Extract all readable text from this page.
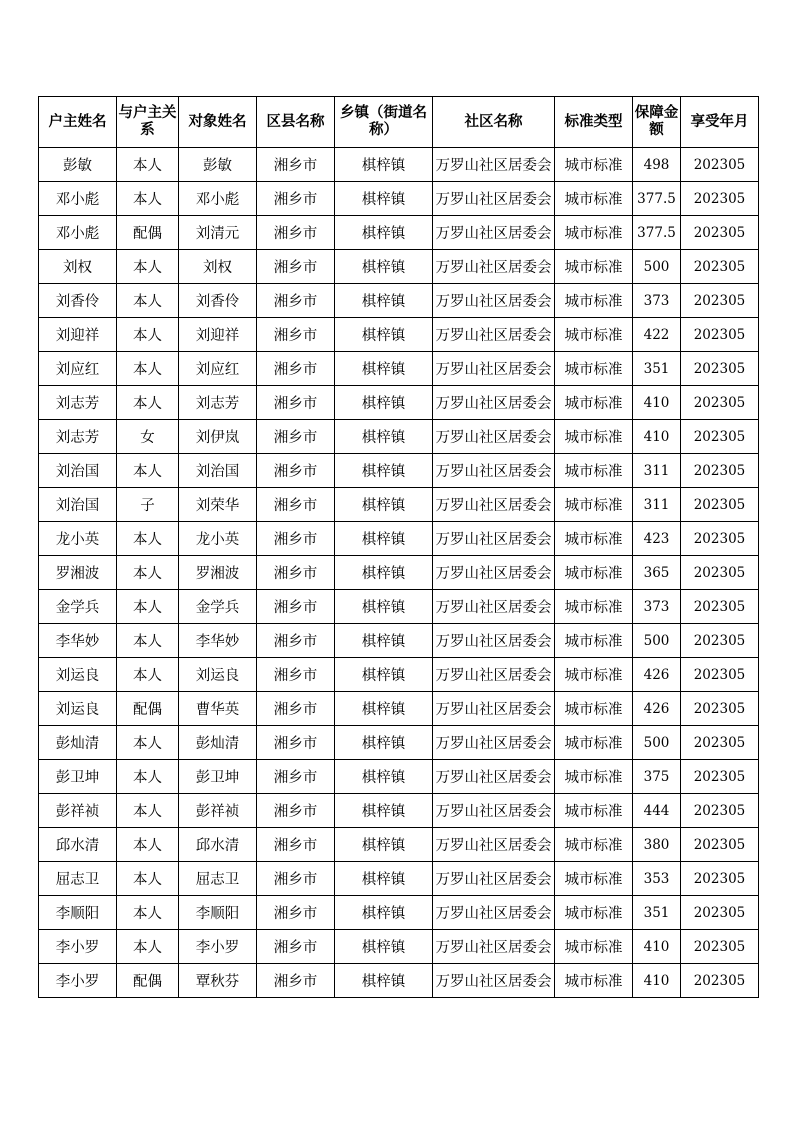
户主姓名	与户主关系	对象姓名	区县名称	乡镇（街道名称）	社区名称	标准类型	保障金额	享受年月
彭敏	本人	彭敏	湘乡市	棋梓镇	万罗山社区居委会	城市标准	498	202305
邓小彪	本人	邓小彪	湘乡市	棋梓镇	万罗山社区居委会	城市标准	377.5	202305
邓小彪	配偶	刘清元	湘乡市	棋梓镇	万罗山社区居委会	城市标准	377.5	202305
刘权	本人	刘权	湘乡市	棋梓镇	万罗山社区居委会	城市标准	500	202305
刘香伶	本人	刘香伶	湘乡市	棋梓镇	万罗山社区居委会	城市标准	373	202305
刘迎祥	本人	刘迎祥	湘乡市	棋梓镇	万罗山社区居委会	城市标准	422	202305
刘应红	本人	刘应红	湘乡市	棋梓镇	万罗山社区居委会	城市标准	351	202305
刘志芳	本人	刘志芳	湘乡市	棋梓镇	万罗山社区居委会	城市标准	410	202305
刘志芳	女	刘伊岚	湘乡市	棋梓镇	万罗山社区居委会	城市标准	410	202305
刘治国	本人	刘治国	湘乡市	棋梓镇	万罗山社区居委会	城市标准	311	202305
刘治国	子	刘荣华	湘乡市	棋梓镇	万罗山社区居委会	城市标准	311	202305
龙小英	本人	龙小英	湘乡市	棋梓镇	万罗山社区居委会	城市标准	423	202305
罗湘波	本人	罗湘波	湘乡市	棋梓镇	万罗山社区居委会	城市标准	365	202305
金学兵	本人	金学兵	湘乡市	棋梓镇	万罗山社区居委会	城市标准	373	202305
李华妙	本人	李华妙	湘乡市	棋梓镇	万罗山社区居委会	城市标准	500	202305
刘运良	本人	刘运良	湘乡市	棋梓镇	万罗山社区居委会	城市标准	426	202305
刘运良	配偶	曹华英	湘乡市	棋梓镇	万罗山社区居委会	城市标准	426	202305
彭灿清	本人	彭灿清	湘乡市	棋梓镇	万罗山社区居委会	城市标准	500	202305
彭卫坤	本人	彭卫坤	湘乡市	棋梓镇	万罗山社区居委会	城市标准	375	202305
彭祥祯	本人	彭祥祯	湘乡市	棋梓镇	万罗山社区居委会	城市标准	444	202305
邱水清	本人	邱水清	湘乡市	棋梓镇	万罗山社区居委会	城市标准	380	202305
屈志卫	本人	屈志卫	湘乡市	棋梓镇	万罗山社区居委会	城市标准	353	202305
李顺阳	本人	李顺阳	湘乡市	棋梓镇	万罗山社区居委会	城市标准	351	202305
李小罗	本人	李小罗	湘乡市	棋梓镇	万罗山社区居委会	城市标准	410	202305
李小罗	配偶	覃秋芬	湘乡市	棋梓镇	万罗山社区居委会	城市标准	410	202305
